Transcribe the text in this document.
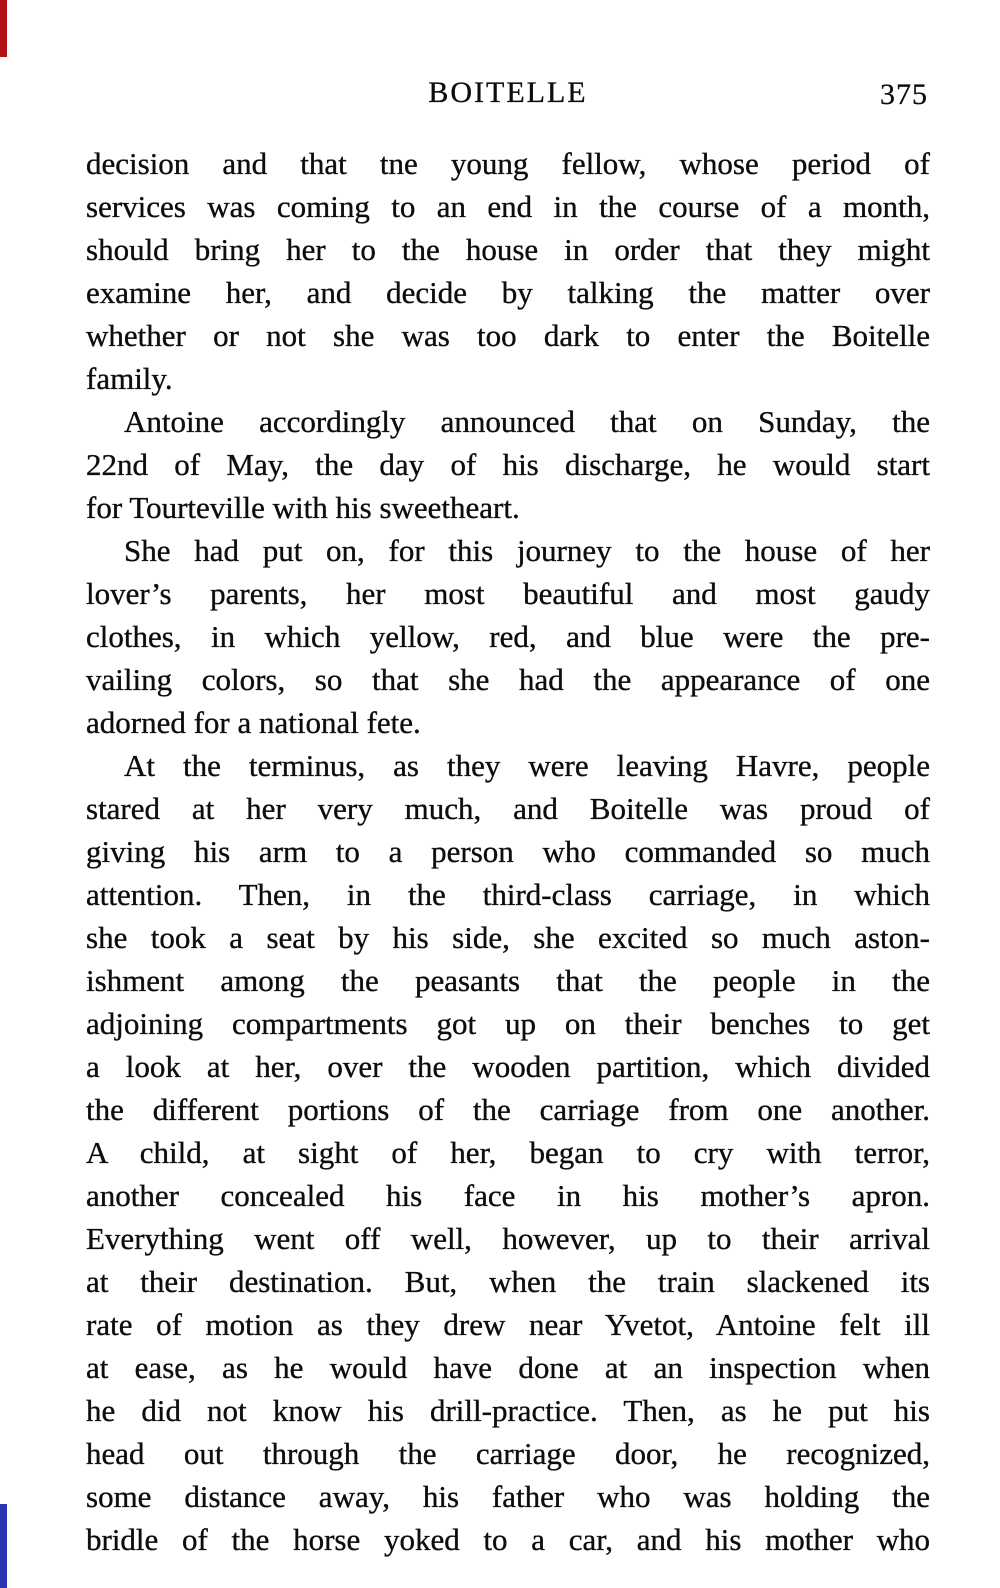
BOITELLE	375
decision and that tne young fellow, whose period of
services was coming to an end in the course of a month,
should bring her to the house in order that they might
examine her, and decide by talking the matter over
whether or not she was too dark to enter the Boitelle
family.
Antoine accordingly announced that on Sunday, the
22nd of May, the day of his discharge, he would start
for Tourteville with his sweetheart.
She had put on, for this journey to the house of her
lover’s parents, her most beautiful and most gaudy
clothes, in which yellow, red, and blue were the pre-
vailing colors, so that she had the appearance of one
adorned for a national fete.
At the terminus, as they were leaving Havre, people
stared at her very much, and Boitelle was proud of
giving his arm to a person who commanded so much
attention. Then, in the third-class carriage, in which
she took a seat by his side, she excited so much aston-
ishment among the peasants that the people in the
adjoining compartments got up on their benches to get
a look at her, over the wooden partition, which divided
the different portions of the carriage from one another.
A child, at sight of her, began to cry with terror,
another concealed his face in his mother’s apron.
Everything went off well, however, up to their arrival
at their destination. But, when the train slackened its
rate of motion as they drew near Yvetot, Antoine felt ill
at ease, as he would have done at an inspection when
he did not know his drill-practice. Then, as he put his
head out through the carriage door, he recognized,
some distance away, his father who was holding the
bridle of the horse yoked to a car, and his mother who
